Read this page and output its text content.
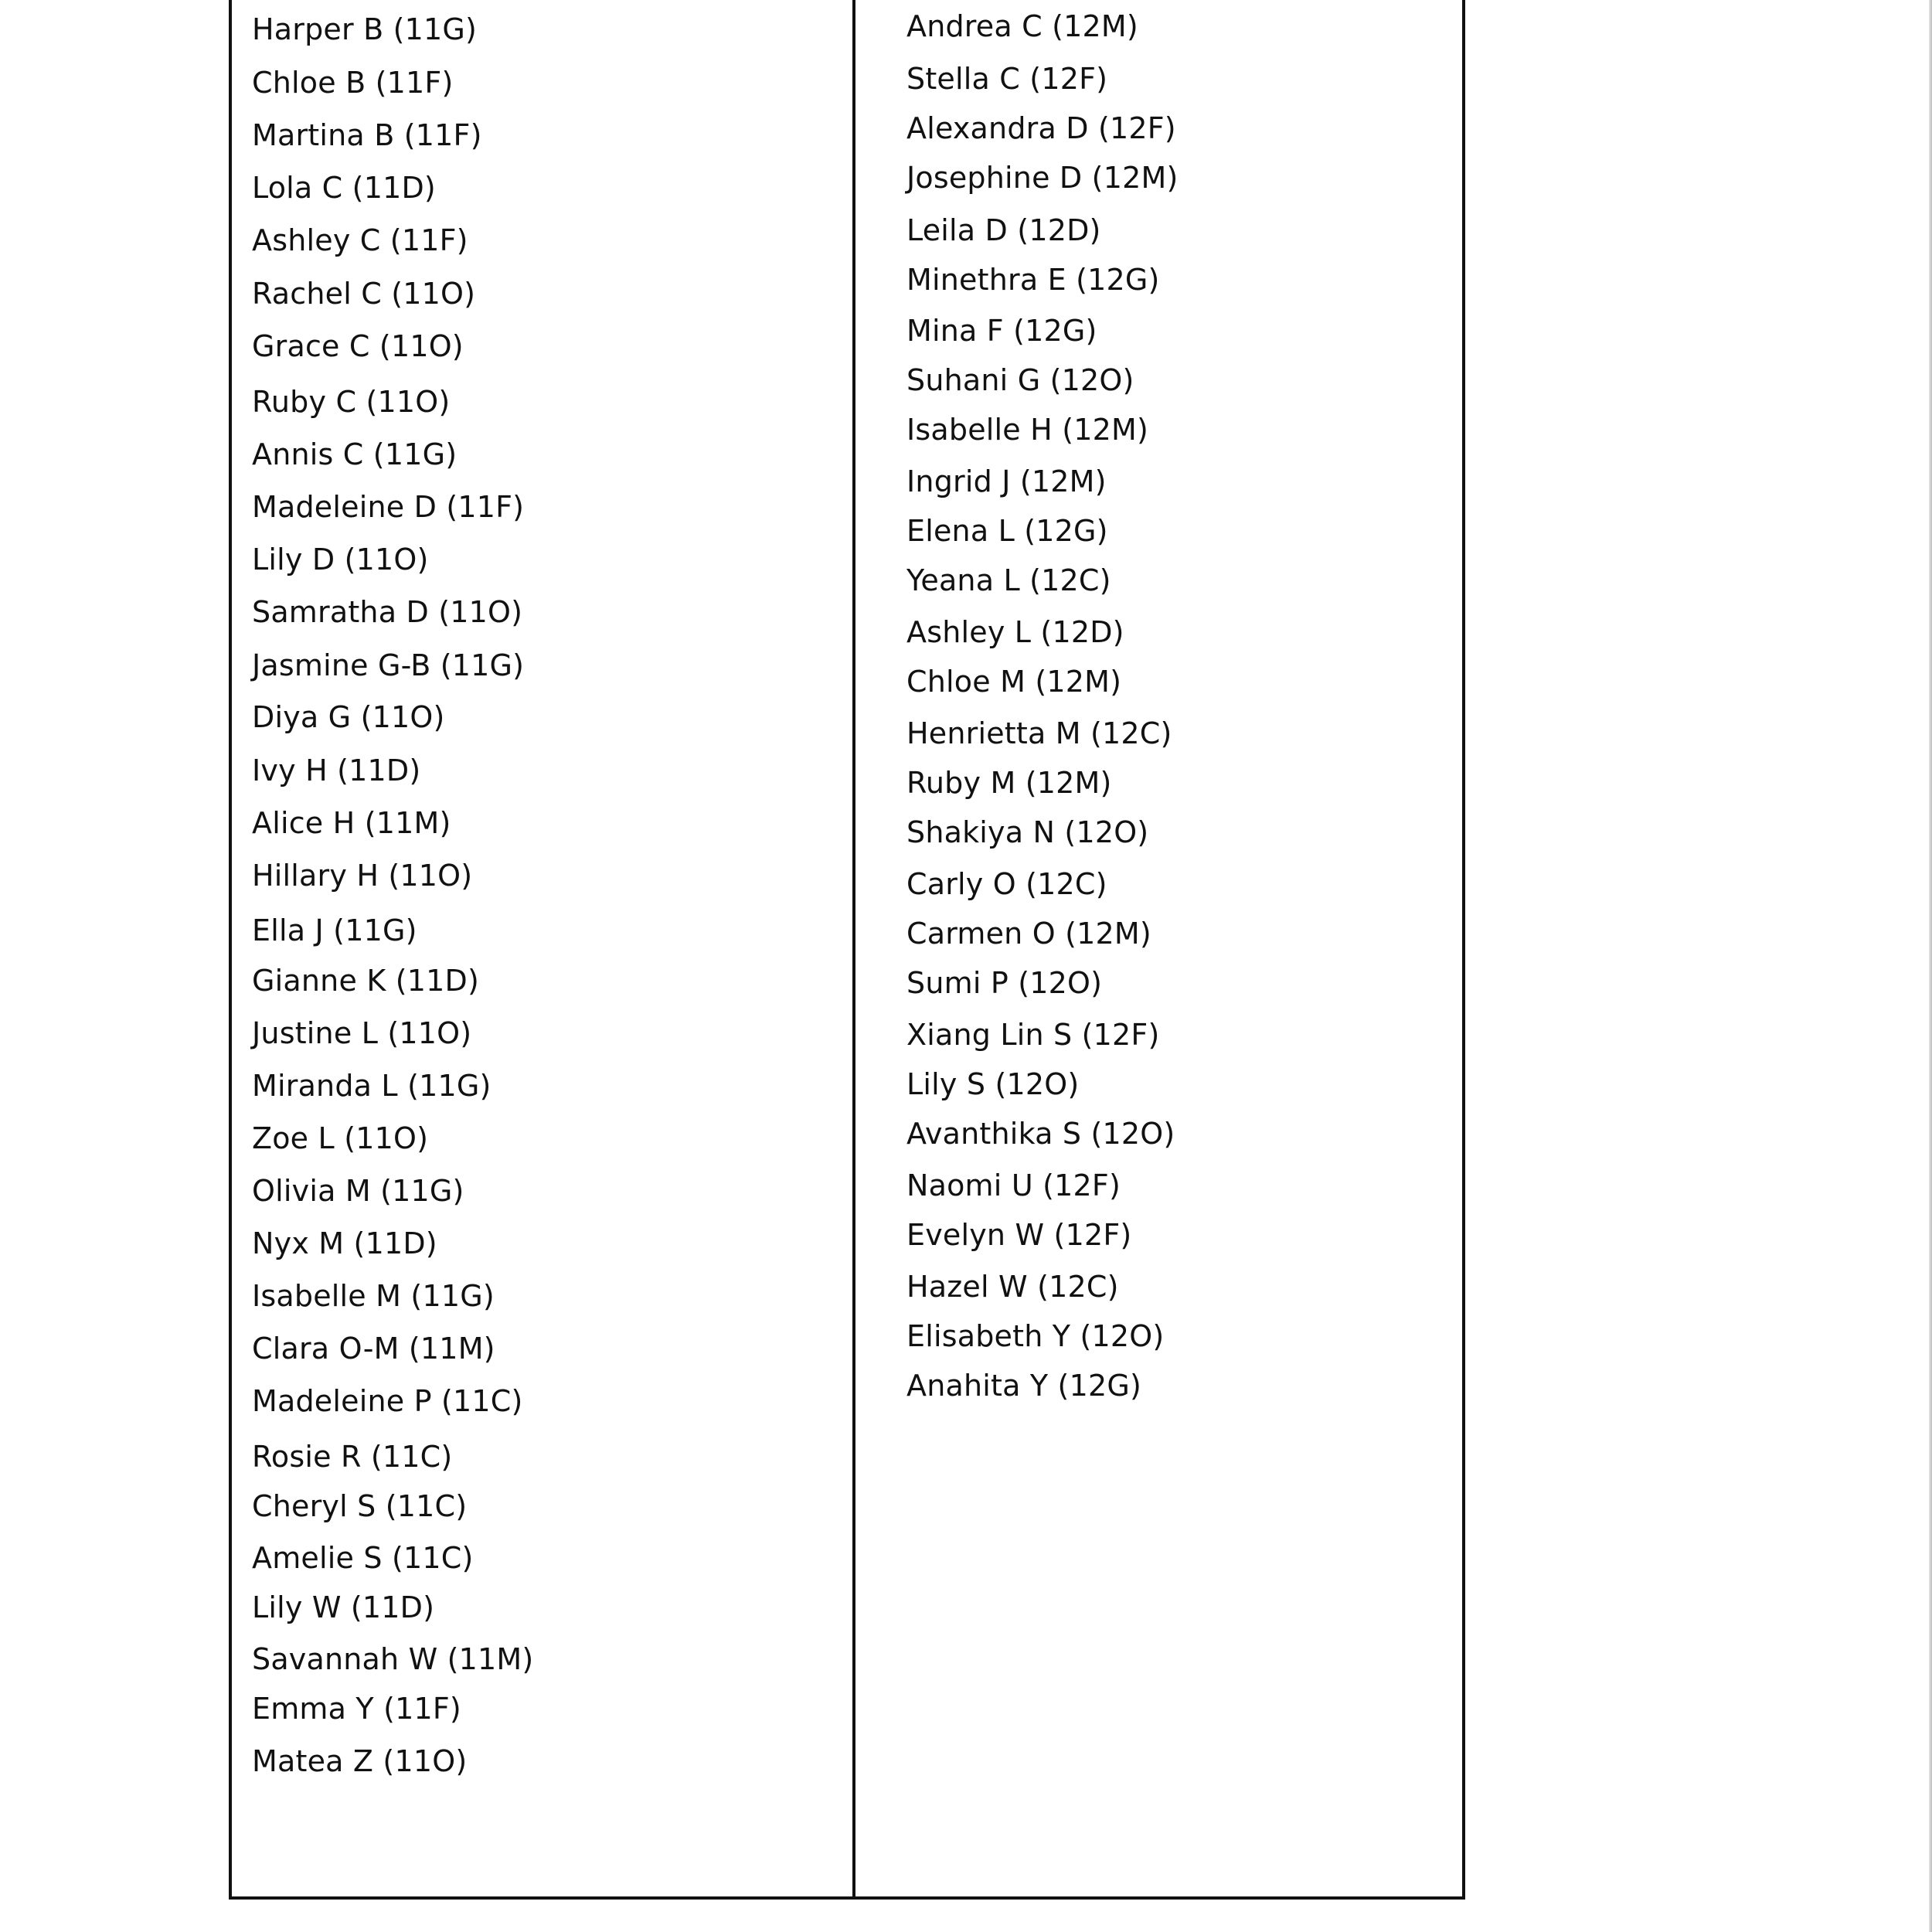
Harper B (11G)
Chloe B (11F)
Martina B (11F)
Lola C (11D)
Ashley C (11F)
Rachel C (11O)
Grace C (11O)
Ruby C (11O)
Annis C (11G)
Madeleine D (11F)
Lily D (11O)
Samratha D (11O)
Jasmine G-B (11G)
Diya G (11O)
Ivy H (11D)
Alice H (11M)
Hillary H (11O)
Ella J (11G)
Gianne K (11D)
Justine L (11O)
Miranda L (11G)
Zoe L (11O)
Olivia M (11G)
Nyx M (11D)
Isabelle M (11G)
Clara O-M (11M)
Madeleine P (11C)
Rosie R (11C)
Cheryl S (11C)
Amelie S (11C)
Lily W (11D)
Savannah W (11M)
Emma Y (11F)
Matea Z (11O)
Andrea C (12M)
Stella C (12F)
Alexandra D (12F)
Josephine D (12M)
Leila D (12D)
Minethra E (12G)
Mina F (12G)
Suhani G (12O)
Isabelle H (12M)
Ingrid J (12M)
Elena L (12G)
Yeana L (12C)
Ashley L (12D)
Chloe M (12M)
Henrietta M (12C)
Ruby M (12M)
Shakiya N (12O)
Carly O (12C)
Carmen O (12M)
Sumi P (12O)
Xiang Lin S (12F)
Lily S (12O)
Avanthika S (12O)
Naomi U (12F)
Evelyn W (12F)
Hazel W (12C)
Elisabeth Y (12O)
Anahita Y (12G)
